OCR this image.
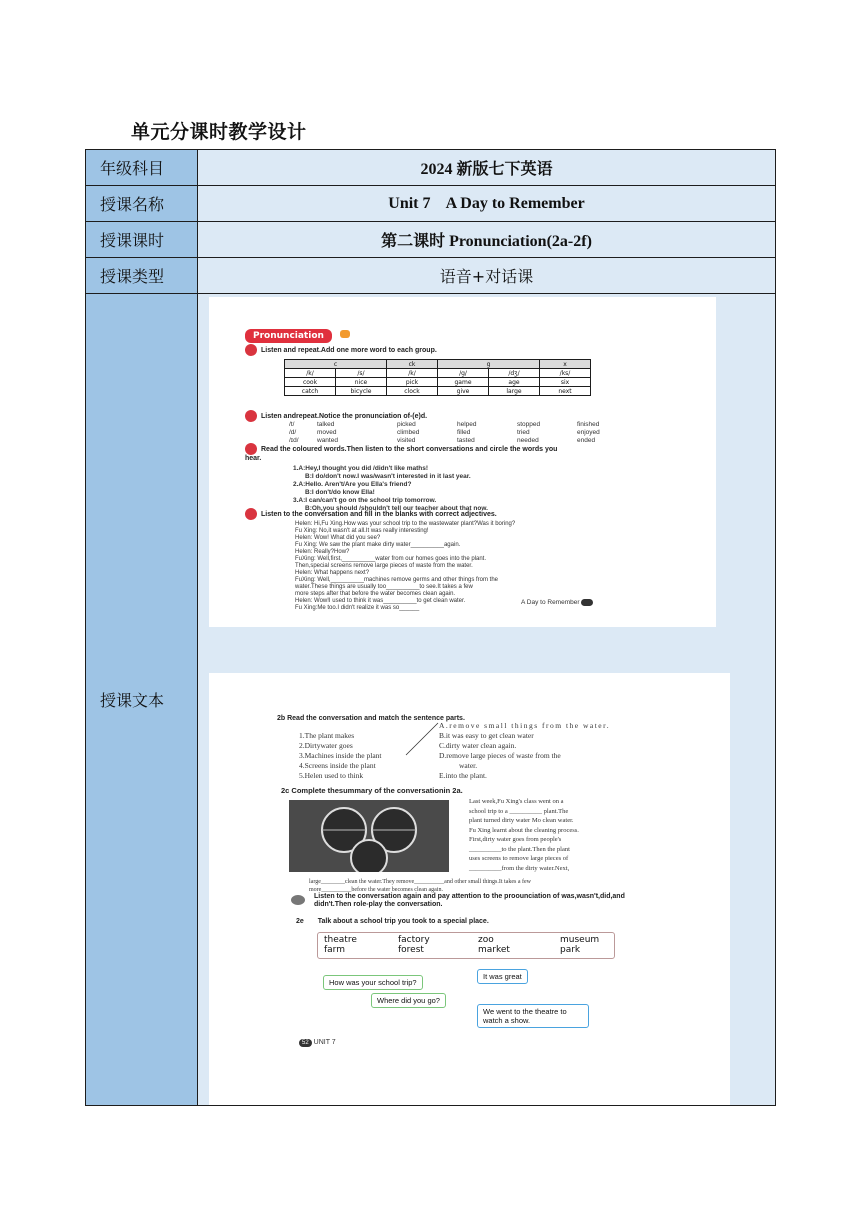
单元分课时教学设计
年级科目	2024 新版七下英语
授课名称	Unit 7    A Day to Remember
授课课时	第二课时 Pronunciation(2a-2f)
授课类型	语音+对话课
授课文本	
Pronunciation
Listen and repeat.Add one more word to each group.
c	ck	g	x
/k/	/s/	/k/	/g/	/dʒ/	/ks/
cook	nice	pick	game	age	six
catch	bicycle	clock	give	large	next
Listen andrepeat.Notice the pronunciation of-(e)d.
/t/	talked	picked	helped	stopped	finished
/d/	moved	climbed	filled	tried	enjoyed
/ɪd/	wanted	visited	tasted	needed	ended
Read the coloured words.Then listen to the short conversations and circle the words you hear.
1.A:Hey,I thought you did /didn't like maths!
B:I do/don't now.I was/wasn't interested in it last year.
2.A:Hello. Aren't/Are you Ella's friend?
B:I don't/do know Ella!
3.A:I can/can't go on the school trip tomorrow.
B:Oh,you should /shouldn't tell our teacher about that now.
Listen to the conversation and fill in the blanks with correct adjectives.
Helen: Hi,Fu Xing.How was your school trip to the wastewater plant?Was it boring?
Fu Xing: No,it wasn't at all.It was really interesting!
Helen: Wow! What did you see?
Fu Xing: We saw the plant make dirty water__________again.
Helen: Really?How?
FuXing: Well,first,__________water from our homes goes into the plant.
Then,special screens remove large pieces of waste from the water.
Helen: What happens next?
FuXing: Well,__________machines remove germs and other things from the
water.These things are usually too__________to see.It takes a few
more steps after that before the water becomes clean again.
Helen: Wow!I used to think it was__________to get clean water.
Fu Xing:Me too.I didn't realize it was so______
A Day to Remember
2b Read the conversation and match the sentence parts.
1.The plant makes
2.Dirtywater goes
3.Machines inside the plant
4.Screens inside the plant
5.Helen used to think
A.remove small things from the water.
B.it was easy to get clean water
C.dirty water clean again.
D.remove large pieces of waste from the
water.
E.into the plant.
2c Complete thesummary of the conversationin 2a.
Last week,Fu Xing's class went on a
school trip to a __________ plant.The
plant turned dirty water Mo clean water.
Fu Xing learnt about the cleaning process.
First,dirty water goes from people's
__________to the plant.Then the plant
uses screens to remove large pieces of
__________from the dirty water.Next,
large________clean the water.They remove__________and other small things.It takes a few
more__________before the water becomes clean again.
Listen to the conversation again and pay attention to the proounciation of was,wasn't,did,and didn't.Then role-play the conversation.
2e Talk about a school trip you took to a special place.
theatre
farm
factory
forest
zoo
market
museum
park
How was your school trip?
It was great
Where did you go?
We went to the theatre to watch a show.
52 UNIT 7
